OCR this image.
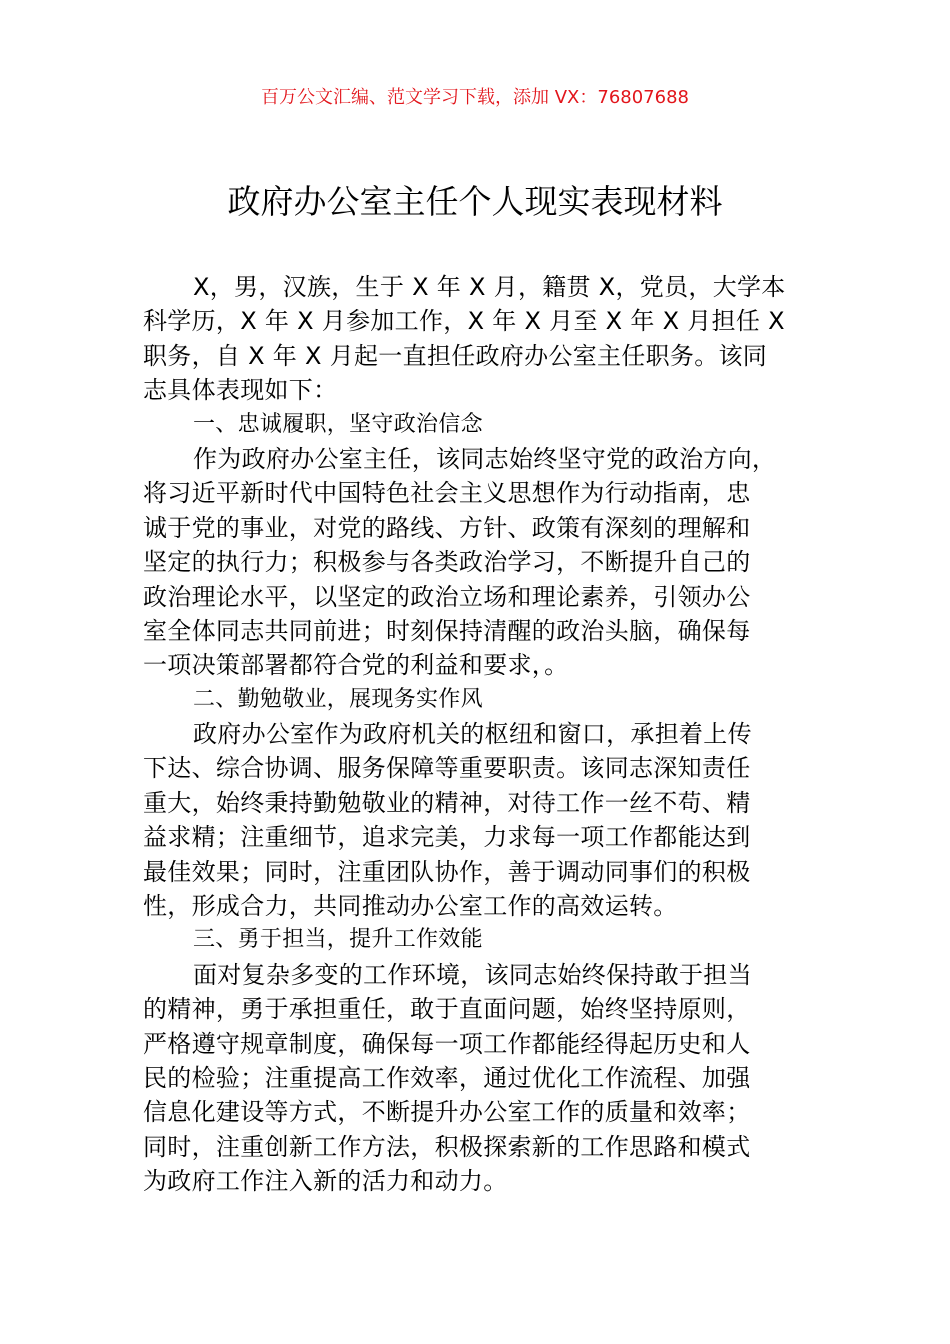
百万公文汇编、范文学习下载，添加 VX：76807688
政府办公室主任个人现实表现材料
X，男，汉族，生于 X 年 X 月，籍贯 X，党员，大学本
科学历，X 年 X 月参加工作，X 年 X 月至 X 年 X 月担任 X
职务，自 X 年 X 月起一直担任政府办公室主任职务。该同
志具体表现如下：
一、忠诚履职，坚守政治信念
作为政府办公室主任，该同志始终坚守党的政治方向，
将习近平新时代中国特色社会主义思想作为行动指南，忠
诚于党的事业，对党的路线、方针、政策有深刻的理解和
坚定的执行力；积极参与各类政治学习，不断提升自己的
政治理论水平，以坚定的政治立场和理论素养，引领办公
室全体同志共同前进；时刻保持清醒的政治头脑，确保每
一项决策部署都符合党的利益和要求，。
二、勤勉敬业，展现务实作风
政府办公室作为政府机关的枢纽和窗口，承担着上传
下达、综合协调、服务保障等重要职责。该同志深知责任
重大，始终秉持勤勉敬业的精神，对待工作一丝不苟、精
益求精；注重细节，追求完美，力求每一项工作都能达到
最佳效果；同时，注重团队协作，善于调动同事们的积极
性，形成合力，共同推动办公室工作的高效运转。
三、勇于担当，提升工作效能
面对复杂多变的工作环境，该同志始终保持敢于担当
的精神，勇于承担重任，敢于直面问题，始终坚持原则，
严格遵守规章制度，确保每一项工作都能经得起历史和人
民的检验；注重提高工作效率，通过优化工作流程、加强
信息化建设等方式，不断提升办公室工作的质量和效率；
同时，注重创新工作方法，积极探索新的工作思路和模式
为政府工作注入新的活力和动力。
